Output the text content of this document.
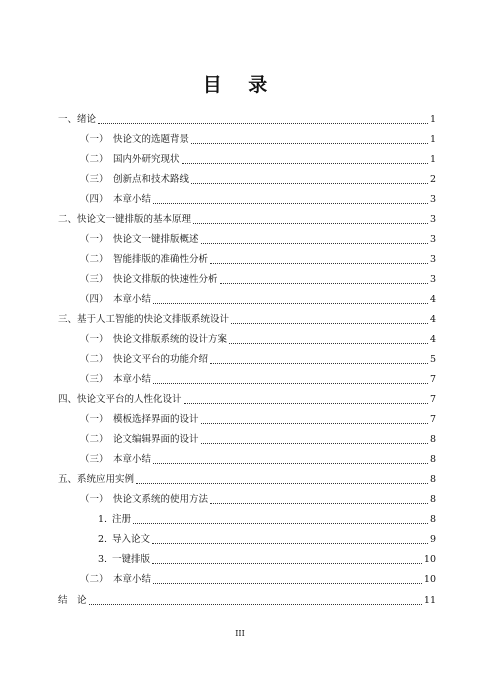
目 录
一、 绪论	1
（一） 快论文的选题背景	1
（二） 国内外研究现状	1
（三） 创新点和技术路线	2
（四） 本章小结	3
二、 快论文一键排版的基本原理	3
（一） 快论文一键排版概述	3
（二） 智能排版的准确性分析	3
（三） 快论文排版的快速性分析	3
（四） 本章小结	4
三、 基于人工智能的快论文排版系统设计	4
（一） 快论文排版系统的设计方案	4
（二） 快论文平台的功能介绍	5
（三） 本章小结	7
四、 快论文平台的人性化设计	7
（一） 模板选择界面的设计	7
（二） 论文编辑界面的设计	8
（三） 本章小结	8
五、 系统应用实例	8
（一） 快论文系统的使用方法	8
1. 注册	8
2. 导入论文	9
3. 一键排版	10
（二） 本章小结	10
结　论	11
III
